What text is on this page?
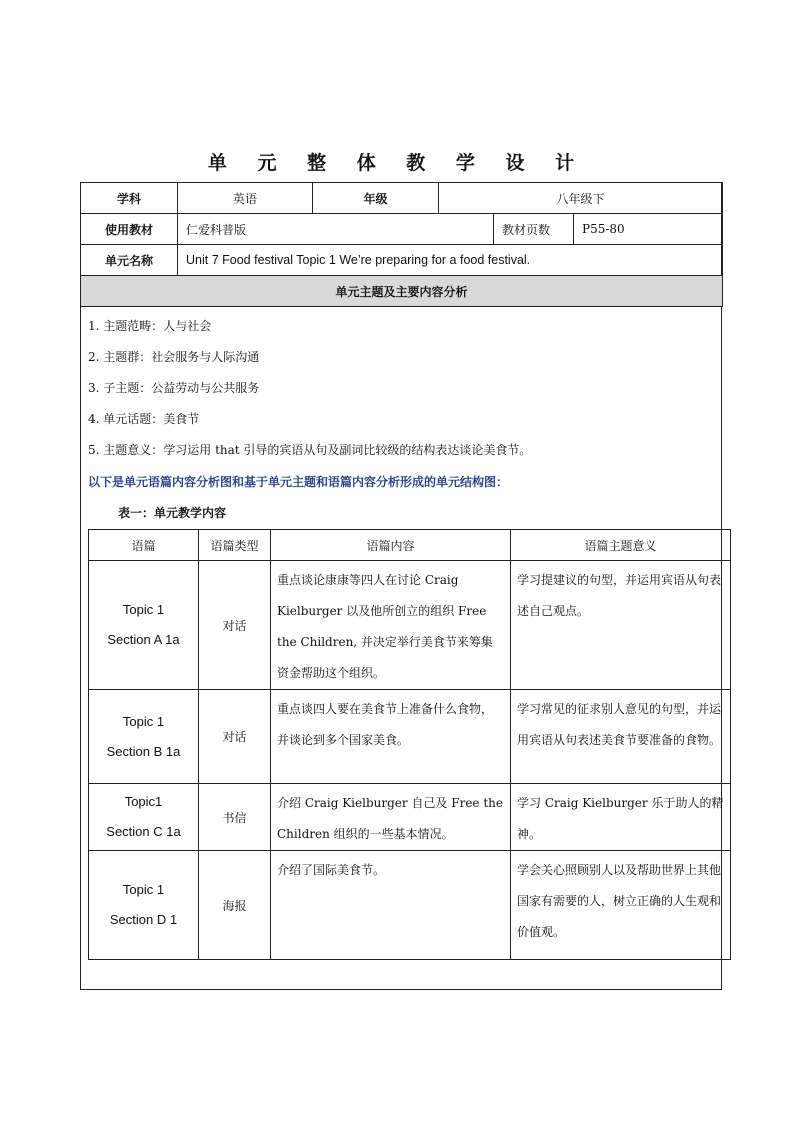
单 元 整 体 教 学 设 计
学科	英语	年级	八年级下		
使用教材	仁爱科普版			教材页数	P55-80
单元名称	Unit 7 Food festival Topic 1 We’re preparing for a food festival.				
单元主题及主要内容分析					
1. 主题范畴：人与社会
2. 主题群：社会服务与人际沟通
3. 子主题：公益劳动与公共服务
4. 单元话题：美食节
5. 主题意义：学习运用 that 引导的宾语从句及副词比较级的结构表达谈论美食节。
以下是单元语篇内容分析图和基于单元主题和语篇内容分析形成的单元结构图：
表一：单元教学内容
语篇	语篇类型	语篇内容	语篇主题意义

Topic 1
Section A 1a	对话	重点谈论康康等四人在讨论 Craig Kielburger 以及他所创立的组织 Free the Children, 并决定举行美食节来筹集资金帮助这个组织。	学习提建议的句型，并运用宾语从句表述自己观点。

Topic 1
Section B 1a	对话	重点谈四人要在美食节上准备什么食物，并谈论到多个国家美食。	学习常见的征求别人意见的句型，并运用宾语从句表述美食节要准备的食物。

Topic1
Section C 1a	书信	介绍 Craig Kielburger 自己及 Free the Children 组织的一些基本情况。	学习 Craig Kielburger 乐于助人的精神。

Topic 1
Section D 1	海报	介绍了国际美食节。	学会关心照顾别人以及帮助世界上其他国家有需要的人，树立正确的人生观和价值观。
